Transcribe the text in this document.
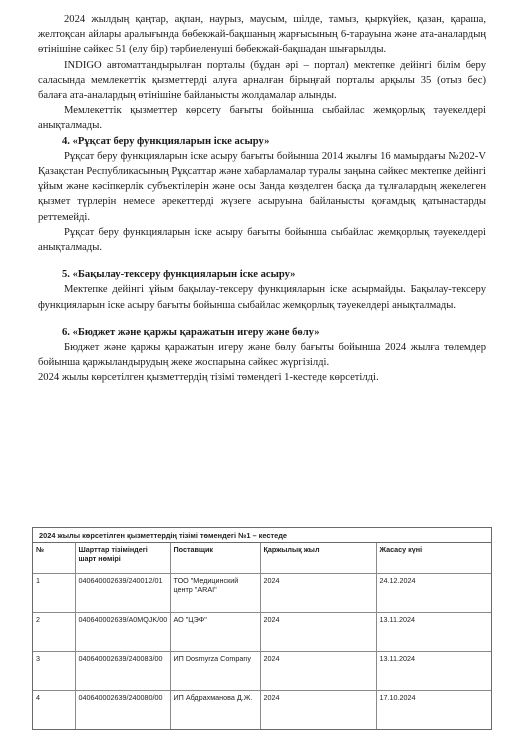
2024 жылдың қаңтар, ақпан, наурыз, маусым, шілде, тамыз, қыркүйек, қазан, қараша, желтоқсан айлары аралығында бөбекжай-бақшаның жарғысының 6-тарауына және ата-аналардың өтінішіне сәйкес 51 (елу бір) тәрбиеленуші бөбекжай-бақшадан шығарылды.

INDIGO автоматтандырылған порталы (бұдан әрі – портал) мектепке дейінгі білім беру саласында мемлекеттік қызметтерді алуға арналған бірыңғай порталы арқылы 35 (отыз бес) балаға ата-аналардың өтінішіне байланысты жолдамалар алынды.

Мемлекеттік қызметтер көрсету бағыты бойынша сыбайлас жемқорлық тәуекелдері анықталмады.

4. «Рұқсат беру функцияларын іске асыру»

Рұқсат беру функцияларын іске асыру бағыты бойынша 2014 жылғы 16 мамырдағы №202-V Қазақстан Республикасының Рұқсаттар және хабарламалар туралы заңына сәйкес мектепке дейінгі ұйым және кәсіпкерлік субъектілерін және осы Занда көзделген басқа да тұлғалардың жекелеген қызмет түрлерін немесе әрекеттерді жүзеге асыруына байланысты қоғамдық қатынастарды реттемейді.

Рұқсат беру функцияларын іске асыру бағыты бойынша сыбайлас жемқорлық тәуекелдері анықталмады.

5. «Бақылау-тексеру функцияларын іске асыру»

Мектепке дейінгі ұйым бақылау-тексеру функцияларын іске асырмайды. Бақылау-тексеру функцияларын іске асыру бағыты бойынша сыбайлас жемқорлық тәуекелдері анықталмады.

6. «Бюджет және қаржы қаражатын игеру және бөлу»

Бюджет және қаржы қаражатын игеру және бөлу бағыты бойынша 2024 жылға төлемдер бойынша қаржыландырудың жеке жоспарына сәйкес жүргізілді.

2024 жылы көрсетілген қызметтердің тізімі төмендегі 1-кестеде көрсетілді.

2024 жылы көрсетілген қызметтердің тізімі төмендегі №1 – кестеде
№	Шарттар тізіміндегі шарт нөмірі	Поставщик	Қаржылық жыл	Жасасу күні
1	040640002639/240012/01	ТОО "Медицинский центр "ARAI"	2024	24.12.2024
2	040640002639/A0MQJK/00	АО "ЦЭФ"	2024	13.11.2024
3	040640002639/240083/00	ИП Dosmyrza Company	2024	13.11.2024
4	040640002639/240080/00	ИП Абдрахманова Д.Ж.	2024	17.10.2024
